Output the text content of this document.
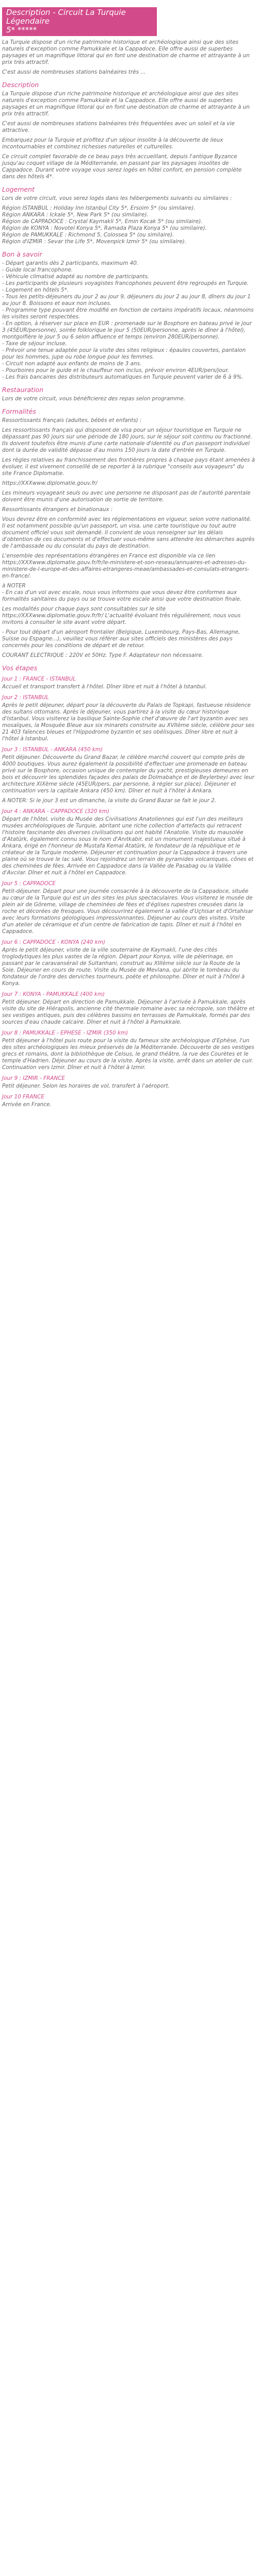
Description - Circuit La Turquie Légendaire
5* *****

La Turquie dispose d'un riche patrimoine historique et archéologique ainsi que des sites naturels d'exception comme Pamukkale et la Cappadoce. Elle offre aussi de superbes paysages et un magnifique littoral qui en font une destination de charme et attrayante à un prix très attractif.

C'est aussi de nombreuses stations balnéaires très ...

Description

La Turquie dispose d'un riche patrimoine historique et archéologique ainsi que des sites naturels d'exception comme Pamukkale et la Cappadoce. Elle offre aussi de superbes paysages et un magnifique littoral qui en font une destination de charme et attrayante à un prix très attractif.

C'est aussi de nombreuses stations balnéaires très fréquentées avec un soleil et la vie attractive.

Embarquez pour la Turquie et profitez d'un séjour insolite à la découverte de lieux incontournables et combinez richesses naturelles et culturelles.

Ce circuit complet favorable de ce beau pays très accueillant, depuis l'antique Byzance jusqu'au coquet village de la Méditerranée, en passant par les paysages insolites de Cappadoce. Durant votre voyage vous serez logés en hôtel confort, en pension complète dans des hôtels 4*.

Logement

Lors de votre circuit, vous serez logés dans les hébergements suivants ou similaires :

Région ISTANBUL : Holiday Inn Istanbul City 5*, Ersoim 5* (ou similaire).
Région ANKARA : Ickale 5*, New Park 5* (ou similaire).
Région de CAPPADOCE : Crystal Kaymakli 5*, Emin Kocak 5* (ou similaire).
Région de KONYA : Novotel Konya 5*, Ramada Plaza Konya 5* (ou similaire).
Région de PAMUKKALE : Richmond 5, Colossea 5* (ou similaire).
Région d'IZMIR : Sevar the Life 5*, Movenpick Izmir 5* (ou similaire).
Bon à savoir
- Départ garantis dès 2 participants, maximum 40.
- Guide local francophone.
- Véhicule climatisé adapté au nombre de participants.
- Les participants de plusieurs voyagistes francophones peuvent être regroupés en Turquie.
- Logement en hôtels 5*.
- Tous les petits-déjeuners du jour 2 au jour 9, déjeuners du jour 2 au jour 8, dîners du jour 1 au jour 8. Boissons et eaux non incluses.
- Programme type pouvant être modifié en fonction de certains impératifs locaux, néanmoins les visites seront respectées.
- En option, à réserver sur place en EUR : promenade sur le Bosphore en bateau privé le jour 3 (45EUR/personne), soirée folklorique le jour 5 (50EUR/personne, après le dîner à l'hôtel), montgolfière le jour 5 ou 6 selon affluence et temps (environ 280EUR/personne).
- Taxe de séjour incluse.
- Prévoir une tenue adaptée pour la visite des sites religieux : épaules couvertes, pantalon pour les hommes, jupe ou robe longue pour les femmes.
- Circuit non adapté aux enfants de moins de 3 ans.
- Pourboires pour le guide et le chauffeur non inclus, prévoir environ 4EUR/pers/jour.
- Les frais bancaires des distributeurs automatiques en Turquie peuvent varier de 6 à 9%.
Restauration

Lors de votre circuit, vous bénéficierez des repas selon programme.

Formalités

Ressortissants français (adultes, bébés et enfants) :

Les ressortissants français qui disposent de visa pour un séjour touristique en Turquie ne dépassant pas 90 jours sur une période de 180 jours, sur le séjour soit continu ou fractionné. Ils doivent toutefois être munis d'une carte nationale d'identité ou d'un passeport individuel dont la durée de validité dépasse d'au moins 150 jours la date d'entrée en Turquie.

Les règles relatives au franchissement des frontières propres à chaque pays étant amenées à évoluer, il est vivement conseillé de se reporter à la rubrique "conseils aux voyageurs" du site France Diplomatie.

https://XXXwww.diplomatie.gouv.fr/

Les mineurs voyageant seuls ou avec une personne ne disposant pas de l'autorité parentale doivent être munis d'une autorisation de sortie de territoire.

Ressortissants étrangers et binationaux :

Vous devrez être en conformité avec les réglementations en vigueur, selon votre nationalité. Il est notamment possible qu'un passeport, un visa, une carte touristique ou tout autre document officiel vous soit demandé. Il convient de vous renseigner sur les délais d'obtention de ces documents et d'effectuer vous-même sans attendre les démarches auprès de l'ambassade ou du consulat du pays de destination.

L'ensemble des représentations étrangères en France est disponible via ce lien https://XXXwww.diplomatie.gouv.fr/fr/le-ministere-et-son-reseau/annuaires-et-adresses-du-ministere-de-l-europe-et-des-affaires-etrangeres-meae/ambassades-et-consulats-etrangers-en-france/.

à NOTER

- En cas d'un vol avec escale, nous vous informons que vous devez être conformes aux formalités sanitaires du pays ou se trouve votre escale ainsi que votre destination finale.

Les modalités pour chaque pays sont consultables sur le site https://XXXwww.diplomatie.gouv.fr/fr/ L'actualité évoluant très régulièrement, nous vous invitons à consulter le site avant votre départ.

- Pour tout départ d'un aéroport frontalier (Belgique, Luxembourg, Pays-Bas, Allemagne, Suisse ou Espagne...), veuillez vous référer aux sites officiels des ministères des pays concernés pour les conditions de départ et de retour.

COURANT ELECTRIQUE : 220V et 50Hz. Type F. Adaptateur non nécessaire.

Vos étapes
Jour 1 : FRANCE - ISTANBUL

Accueil et transport transfert à l'hôtel. Dîner libre et nuit à l'hôtel à Istanbul.

Jour 2 : ISTANBUL

Après le petit déjeuner, départ pour la découverte du Palais de Topkapi, fastueuse résidence des sultans ottomans. Après le déjeuner, vous partirez à la visite du cœur historique d'Istanbul. Vous visiterez la basilique Sainte-Sophie chef d'œuvre de l'art byzantin avec ses mosaïques, la Mosquée Bleue aux six minarets construite au XVIIème siècle, célèbre pour ses 21 403 faïences bleues et l'Hippodrome byzantin et ses obélisques. Dîner libre et nuit à l'hôtel à Istanbul.

Jour 3 : ISTANBUL - ANKARA (450 km)

Petit déjeuner. Découverte du Grand Bazar, le célèbre marché couvert qui compte près de 4000 boutiques. Vous aurez également la possibilité d'effectuer une promenade en bateau privé sur le Bosphore, occasion unique de contempler du yacht, prestigieuses demeures en bois et découvrir les splendides façades des palais de Dolmabahçe et de Beylerbeyi avec leur architecture XIXème siècle (45EUR/pers, par personne, à régler sur place). Déjeuner et continuation vers la capitale Ankara (450 km). Dîner et nuit à l'hôtel à Ankara.

A NOTER: Si le jour 3 est un dimanche, la visite du Grand Bazar se fait le jour 2.

Jour 4 : ANKARA - CAPPADOCE (320 km)

Départ de l'hôtel, visite du Musée des Civilisations Anatoliennes qui est l'un des meilleurs musées archéologiques de Turquie, abritant une riche collection d'artefacts qui retracent l'histoire fascinante des diverses civilisations qui ont habité l'Anatolie. Visite du mausolée d'Atatürk, également connu sous le nom d'Anıtkabir, est un monument majestueux situé à Ankara, érigé en l'honneur de Mustafa Kemal Atatürk, le fondateur de la république et le créateur de la Turquie moderne. Déjeuner et continuation pour la Cappadoce à travers une plaine où se trouve le lac salé. Vous rejoindrez un terrain de pyramides volcaniques, cônes et des cheminées de fées. Arrivée en Cappadoce dans la Vallée de Pasabag ou la Vallée d'Avcılar. Dîner et nuit à l'hôtel en Cappadoce.

Jour 5 : CAPPADOCE

Petit-déjeuner. Départ pour une journée consacrée à la découverte de la Cappadoce, située au cœur de la Turquie qui est un des sites les plus spectaculaires. Vous visiterez le musée de plein air de Göreme, village de cheminées de fées et d'églises rupestres creusées dans la roche et décorées de fresques. Vous découvrirez également la vallée d'Uçhisar et d'Ortahisar avec leurs formations géologiques impressionnantes. Déjeuner au cours des visites. Visite d'un atelier de céramique et d'un centre de fabrication de tapis. Dîner et nuit à l'hôtel en Cappadoce.

Jour 6 : CAPPADOCE - KONYA (240 km)

Après le petit déjeuner, visite de la ville souterraine de Kaymakli, l'une des cités troglodytiques les plus vastes de la région. Départ pour Konya, ville de pèlerinage, en passant par le caravansérail de Sultanhani, construit au XIIIème siècle sur la Route de la Soie. Déjeuner en cours de route. Visite du Musée de Mevlana, qui abrite le tombeau du fondateur de l'ordre des derviches tourneurs, poète et philosophe. Dîner et nuit à l'hôtel à Konya.

Jour 7 : KONYA - PAMUKKALE (400 km)

Petit déjeuner. Départ en direction de Pamukkale. Déjeuner à l'arrivée à Pamukkale, après visite du site de Hiérapolis, ancienne cité thermale romaine avec sa nécropole, son théâtre et ses vestiges antiques, puis des célèbres bassins en terrasses de Pamukkale, formés par des sources d'eau chaude calcaire. Dîner et nuit à l'hôtel à Pamukkale.

Jour 8 : PAMUKKALE - EPHESE - IZMIR (350 km)

Petit déjeuner à l'hôtel puis route pour la visite du fameux site archéologique d'Ephèse, l'un des sites archéologiques les mieux préservés de la Méditerranée. Découverte de ses vestiges grecs et romains, dont la bibliothèque de Celsus, le grand théâtre, la rue des Courètes et le temple d'Hadrien. Déjeuner au cours de la visite. Après la visite, arrêt dans un atelier de cuir. Continuation vers Izmir. Dîner et nuit à l'hôtel à Izmir.

Jour 9 : IZMIR - FRANCE

Petit déjeuner. Selon les horaires de vol, transfert à l'aéroport.

Jour 10 FRANCE

Arrivée en France.
